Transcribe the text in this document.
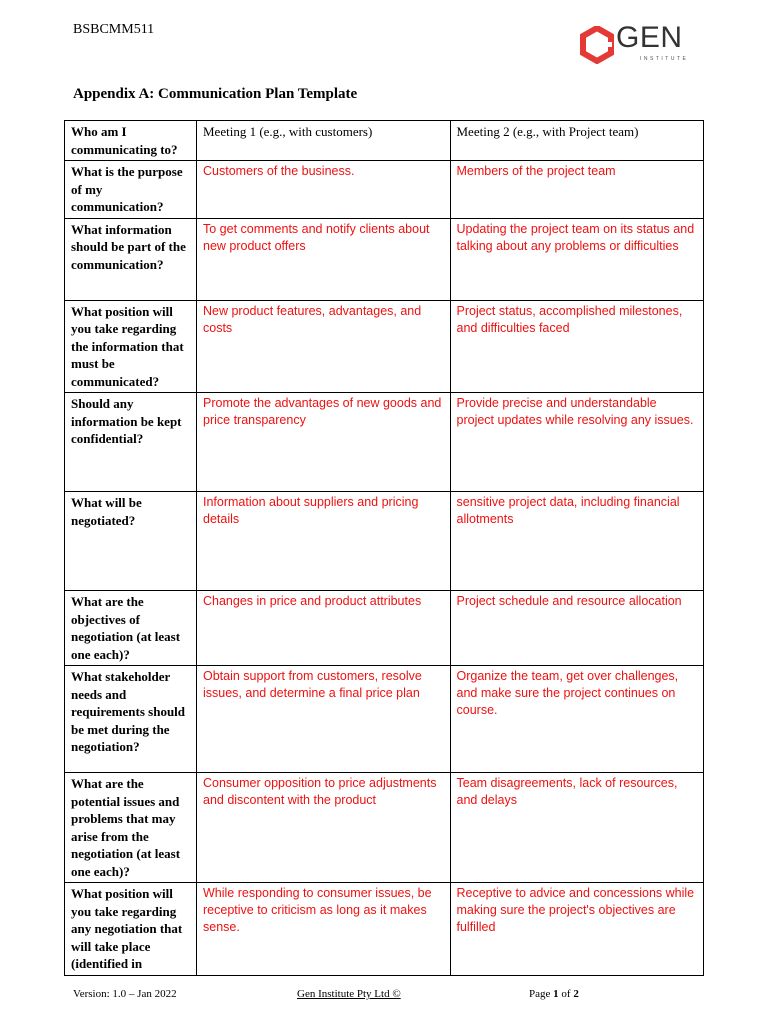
BSBCMM511	GEN
INSTITUTE
Appendix A: Communication Plan Template
Who am I communicating to?	Meeting 1 (e.g., with customers)	Meeting 2 (e.g., with Project team)
What is the purpose of my communication?	Customers of the business.	Members of the project team
What information should be part of the communication?	To get comments and notify clients about new product offers	Updating the project team on its status and talking about any problems or difficulties
What position will you take regarding the information that must be communicated?	New product features, advantages, and costs	Project status, accomplished milestones, and difficulties faced
Should any information be kept confidential?	Promote the advantages of new goods and price transparency	Provide precise and understandable project updates while resolving any issues.
What will be negotiated?	Information about suppliers and pricing details	sensitive project data, including financial allotments
What are the objectives of negotiation (at least one each)?	Changes in price and product attributes	Project schedule and resource allocation
What stakeholder needs and requirements should be met during the negotiation?	Obtain support from customers, resolve issues, and determine a final price plan	Organize the team, get over challenges, and make sure the project continues on course.
What are the potential issues and problems that may arise from the negotiation (at least one each)?	Consumer opposition to price adjustments and discontent with the product	Team disagreements, lack of resources, and delays
What position will you take regarding any negotiation that will take place (identified in	While responding to consumer issues, be receptive to criticism as long as it makes sense.	Receptive to advice and concessions while making sure the project's objectives are fulfilled
Version: 1.0 – Jan 2022	Gen Institute Pty Ltd ©	Page 1 of 2
